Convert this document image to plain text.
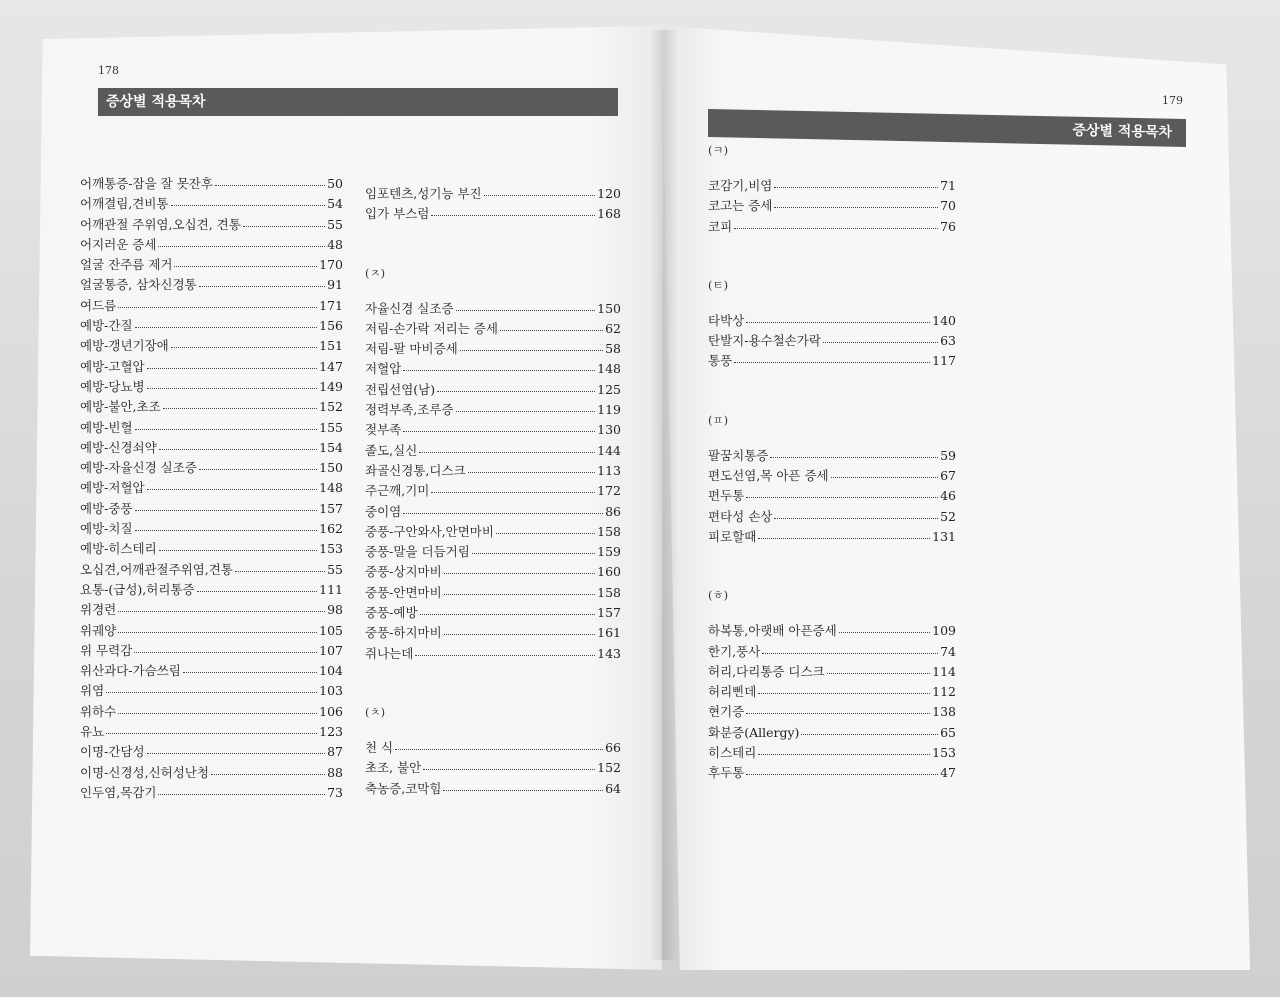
178
증상별 적용목차
어깨통증-잠을 잘 못잔후	50
어깨결림,견비통	54
어깨관절 주위염,오십견, 견통	55
어지러운 증세	48
얼굴 잔주름 제거	170
얼굴통증, 삼차신경통	91
여드름	171
예방-간질	156
예방-갱년기장애	151
예방-고혈압	147
예방-당뇨병	149
예방-불안,초조	152
예방-빈혈	155
예방-신경쇠약	154
예방-자율신경 실조증	150
예방-저혈압	148
예방-중풍	157
예방-치질	162
예방-히스테리	153
오십견,어깨관절주위염,견통	55
요통-(급성),허리통증	111
위경련	98
위궤양	105
위 무력감	107
위산과다-가슴쓰림	104
위염	103
위하수	106
유뇨	123
이명-간담성	87
이명-신경성,신허성난청	88
인두염,목감기	73
임포텐츠,성기능 부진	120
입가 부스럼	168
(ㅈ)
자율신경 실조증	150
저림-손가락 저리는 증세	62
저림-팔 마비증세	58
저혈압	148
전립선염(남)	125
정력부족,조루증	119
젖부족	130
졸도,실신	144
좌골신경통,디스크	113
주근깨,기미	172
중이염	86
중풍-구안와사,안면마비	158
중풍-말을 더듬거림	159
중풍-상지마비	160
중풍-안면마비	158
중풍-예방	157
중풍-하지마비	161
쥐나는데	143
(ㅊ)
천 식	66
초조, 불안	152
축농증,코막힘	64
179
증상별 적용목차
(ㅋ)
코감기,비염	71
코고는 증세	70
코피	76
(ㅌ)
타박상	140
탄발지-용수철손가락	63
통풍	117
(ㅍ)
팔꿈치통증	59
편도선염,목 아픈 증세	67
편두통	46
편타성 손상	52
피로할때	131
(ㅎ)
하복통,아랫배 아픈증세	109
한기,풍사	74
허리,다리통증 디스크	114
허리삔데	112
현기증	138
화분증(Allergy)	65
히스테리	153
후두통	47
